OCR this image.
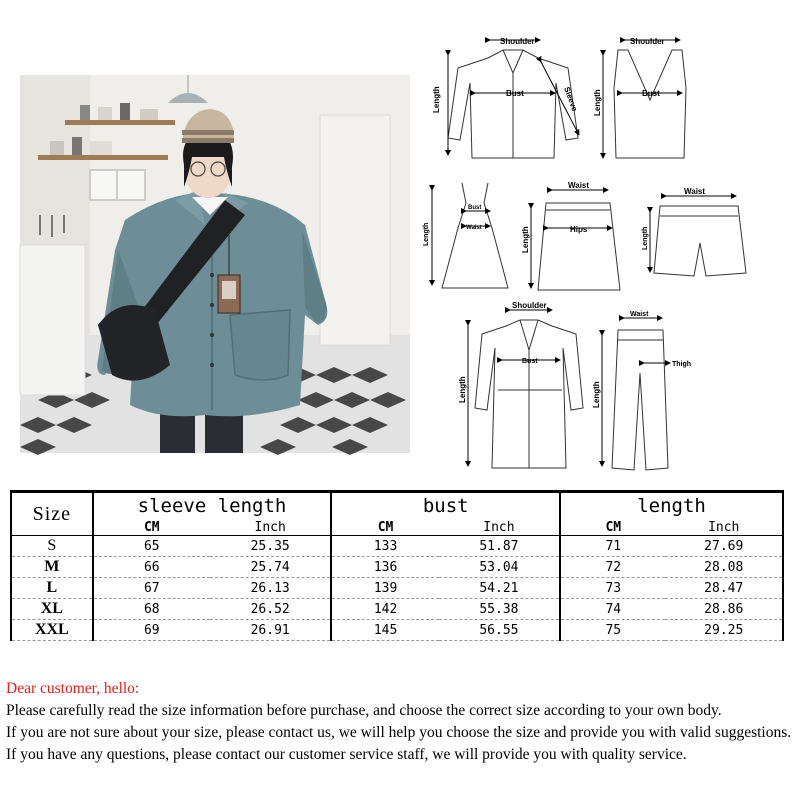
Shoulder
Bust
Length	Sleeve
Shoulder
Bust
Length
Bust
Waist
Length
Waist
Hips
Length
Waist
Length
Shoulder
Bust
Length
Waist
Thigh
Length
Size	sleeve length		bust		length	
	CM	Inch	CM	Inch	CM	Inch
S	65	25.35	133	51.87	71	27.69
M	66	25.74	136	53.04	72	28.08
L	67	26.13	139	54.21	73	28.47
XL	68	26.52	142	55.38	74	28.86
XXL	69	26.91	145	56.55	75	29.25
Dear customer, hello:
Please carefully read the size information before purchase, and choose the correct size according to your own body.
If you are not sure about your size, please contact us, we will help you choose the size and provide you with valid suggestions.
If you have any questions, please contact our customer service staff, we will provide you with quality service.
